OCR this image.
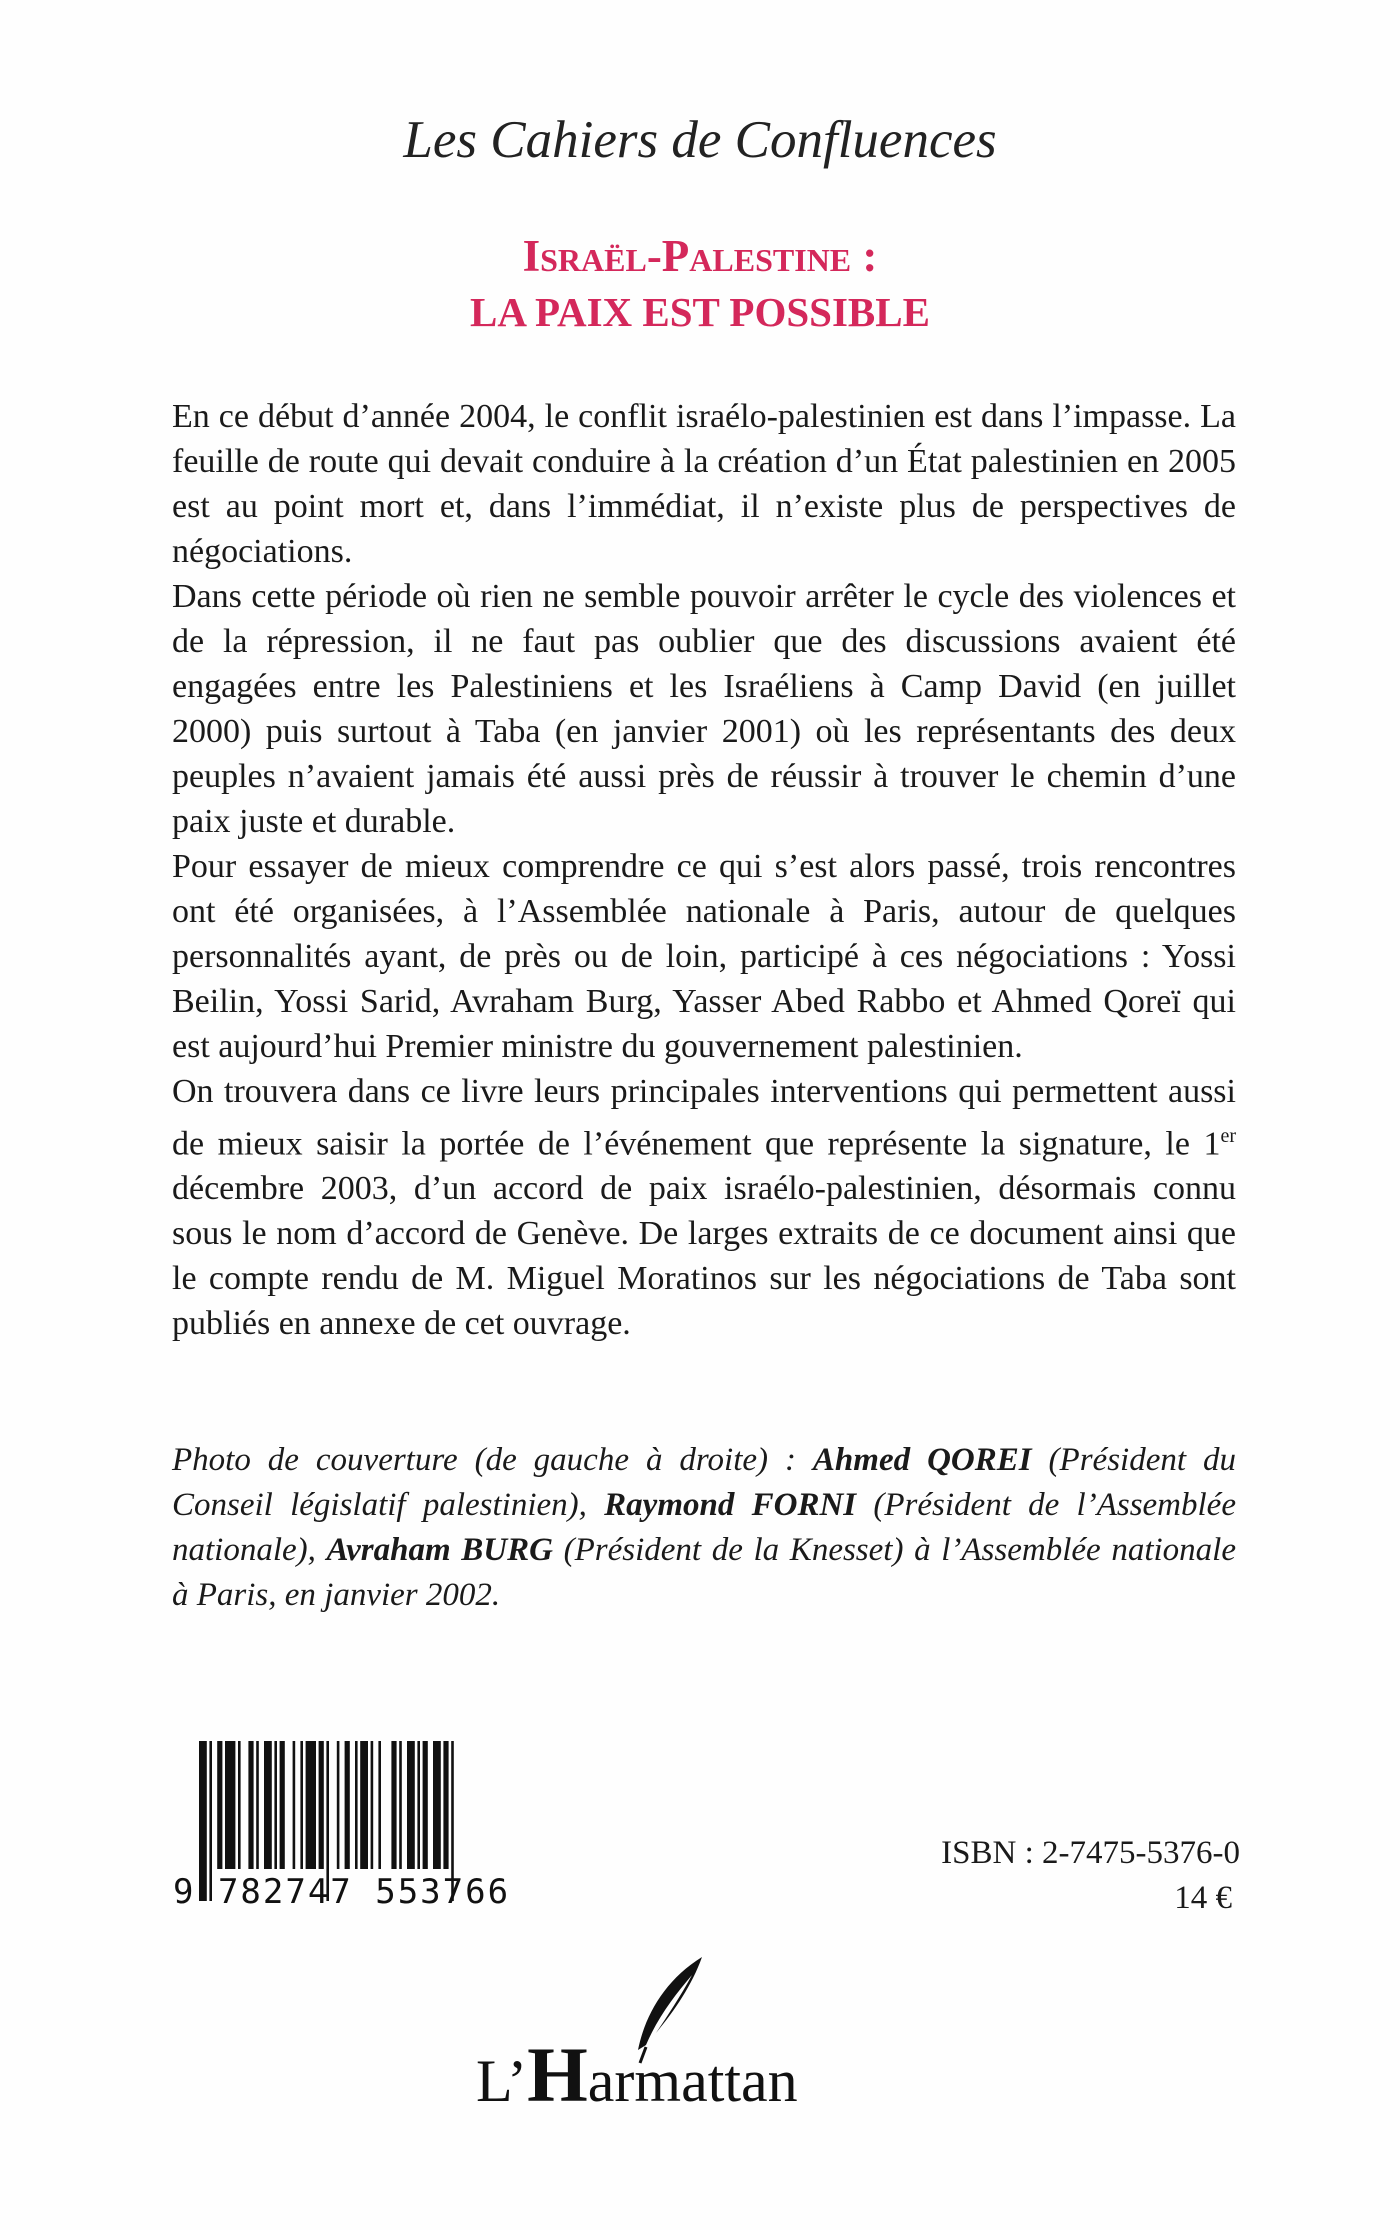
Les Cahiers de Confluences
Israël-Palestine :
LA PAIX EST POSSIBLE

En ce début d’année 2004, le conflit israélo-palestinien est dans l’impasse. La feuille de route qui devait conduire à la création d’un État palestinien en 2005 est au point mort et, dans l’immédiat, il n’existe plus de perspectives de négociations.

Dans cette période où rien ne semble pouvoir arrêter le cycle des violences et de la répression, il ne faut pas oublier que des discussions avaient été engagées entre les Palestiniens et les Israéliens à Camp David (en juillet 2000) puis surtout à Taba (en janvier 2001) où les représentants des deux peuples n’avaient jamais été aussi près de réussir à trouver le chemin d’une paix juste et durable.

Pour essayer de mieux comprendre ce qui s’est alors passé, trois rencontres ont été organisées, à l’Assemblée nationale à Paris, autour de quelques personnalités ayant, de près ou de loin, participé à ces négociations : Yossi Beilin, Yossi Sarid, Avraham Burg, Yasser Abed Rabbo et Ahmed Qoreï qui est aujourd’hui Premier ministre du gouvernement palestinien.

On trouvera dans ce livre leurs principales interventions qui permettent aussi de mieux saisir la portée de l’événement que représente la signature, le 1er décembre 2003, d’un accord de paix israélo-palestinien, désormais connu sous le nom d’accord de Genève. De larges extraits de ce document ainsi que le compte rendu de M. Miguel Moratinos sur les négociations de Taba sont publiés en annexe de cet ouvrage.

Photo de couverture (de gauche à droite) : Ahmed QOREI (Président du Conseil législatif palestinien), Raymond FORNI (Président de l’Assemblée nationale), Avraham BURG (Président de la Knesset) à l’Assemblée nationale à Paris, en janvier 2002.
9 782747 553766
ISBN : 2-7475-5376-0
14 €
L’Harmattan
